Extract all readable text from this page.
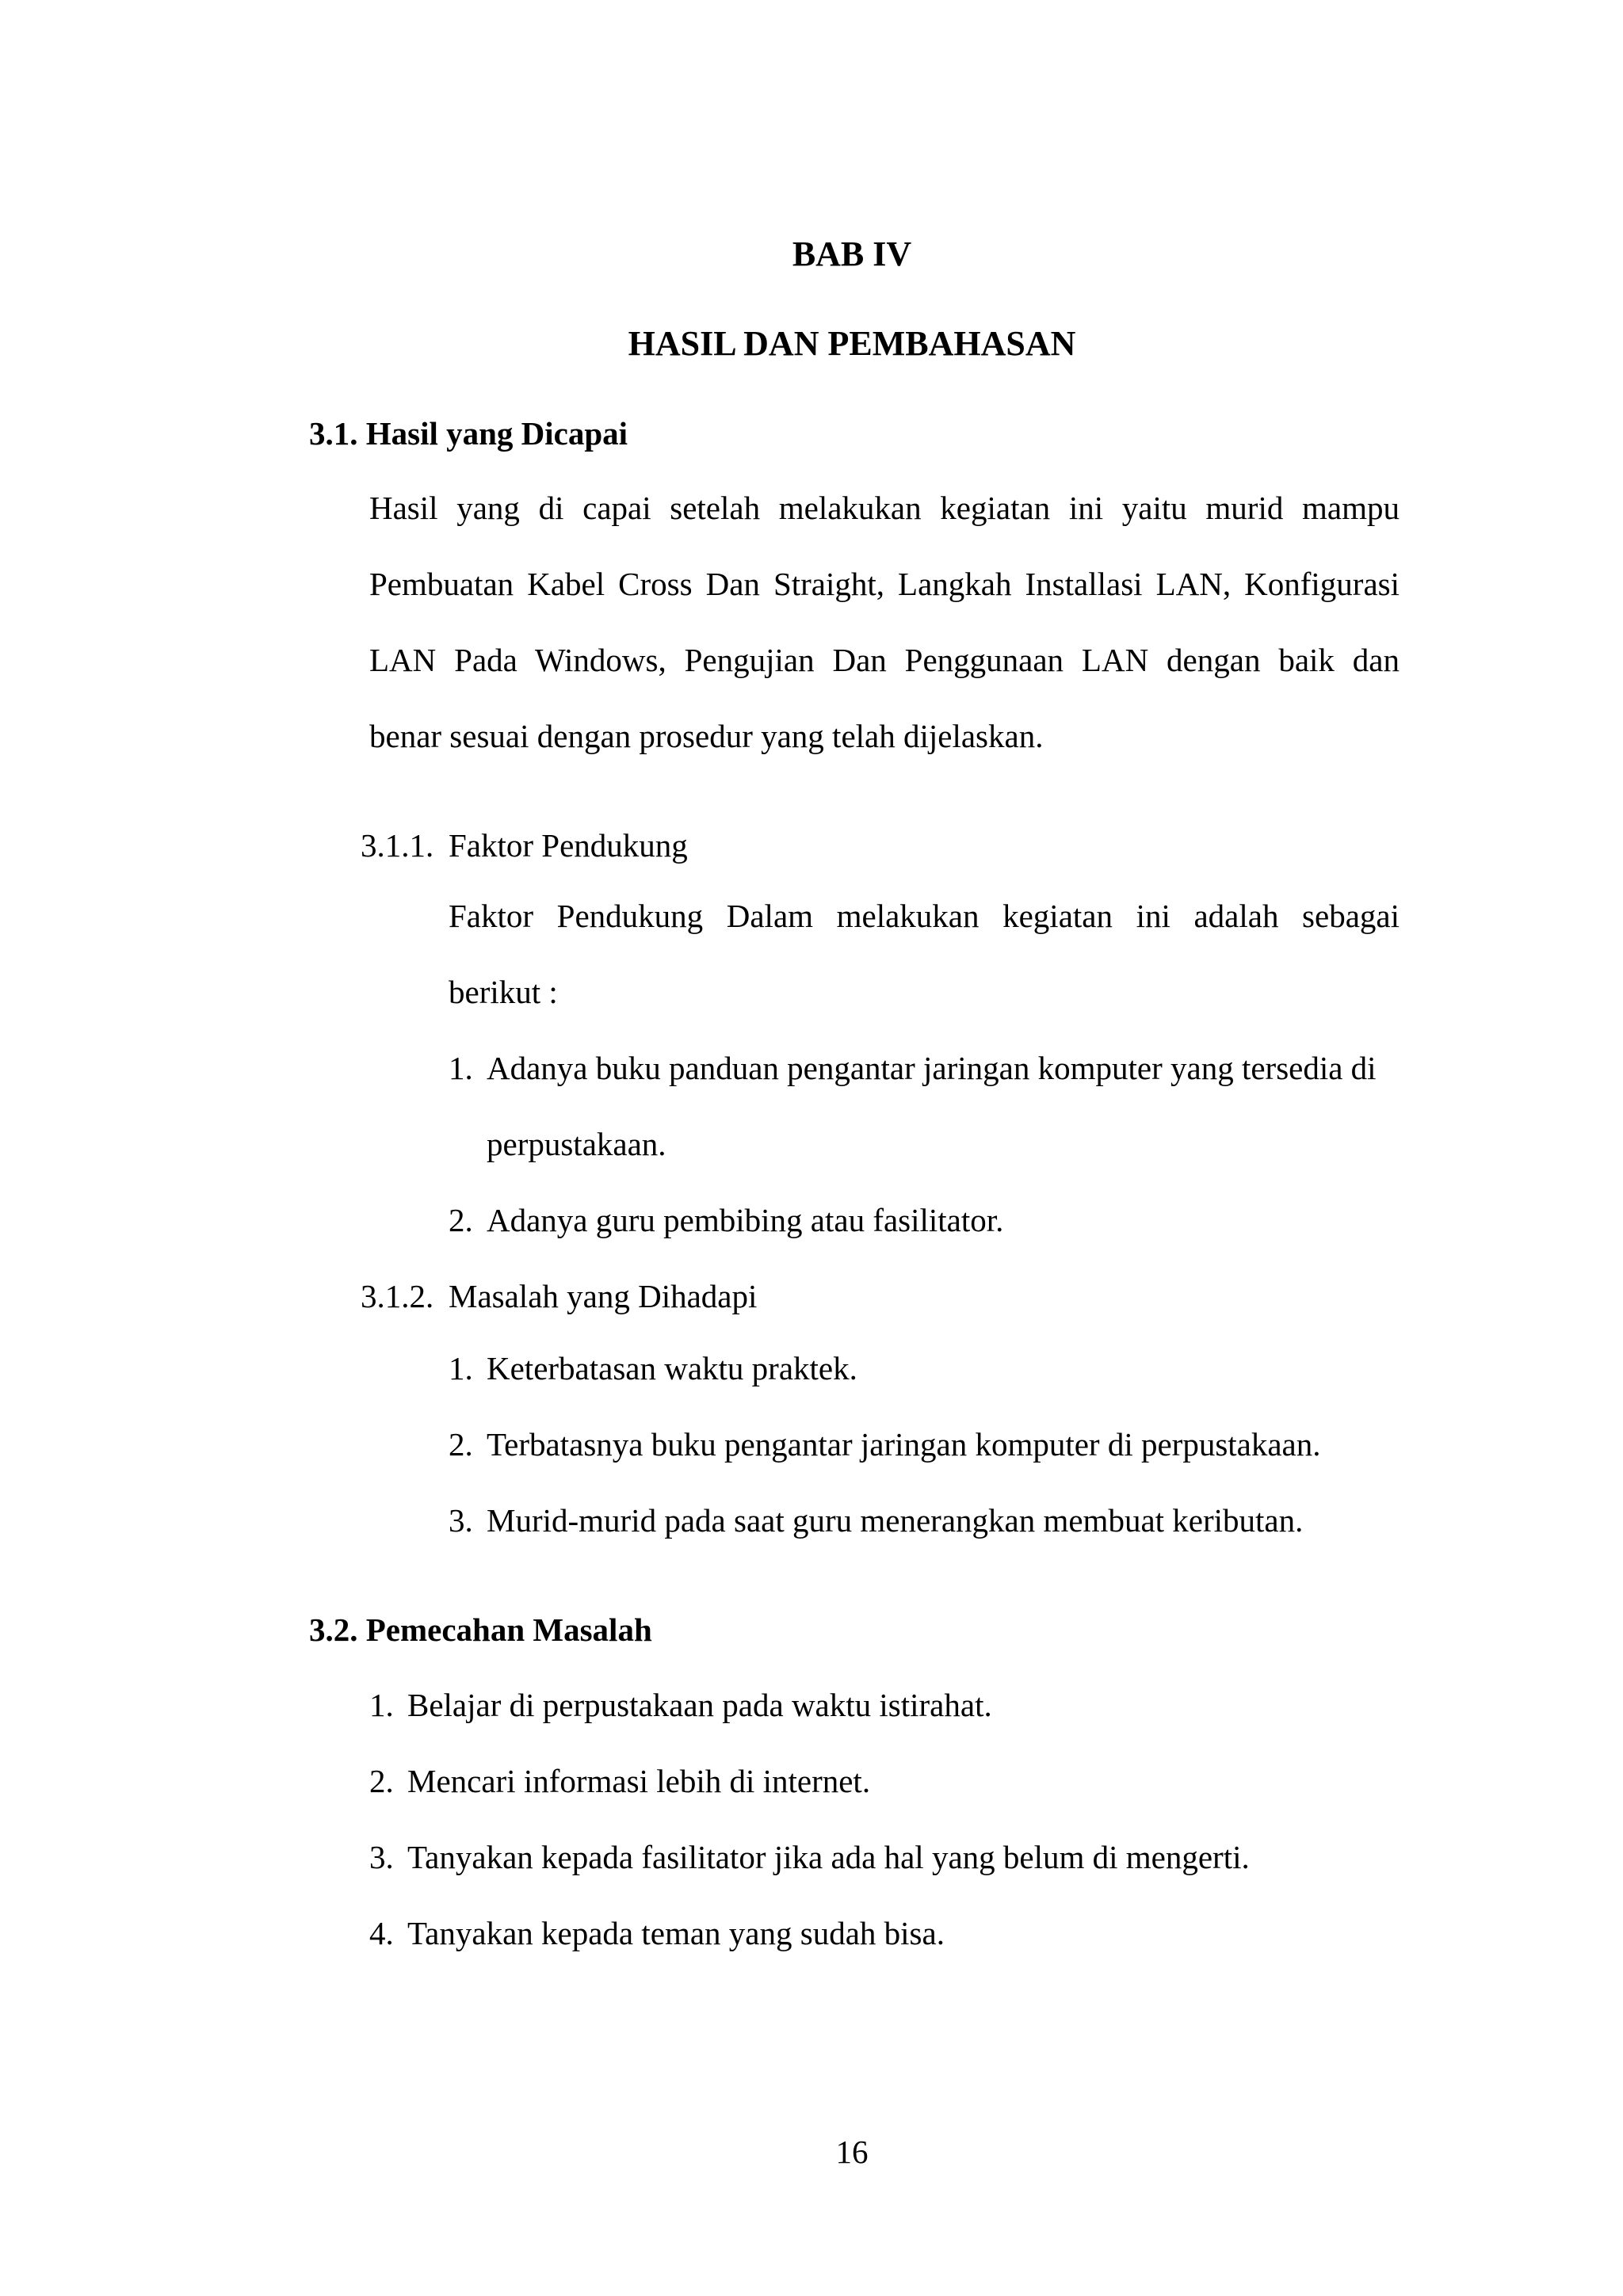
BAB IV
HASIL DAN PEMBAHASAN
3.1. Hasil yang Dicapai
Hasil yang di capai setelah melakukan kegiatan ini yaitu murid mampu
Pembuatan Kabel Cross Dan Straight, Langkah Installasi LAN, Konfigurasi
LAN Pada Windows, Pengujian Dan Penggunaan LAN dengan baik dan
benar sesuai dengan prosedur yang telah dijelaskan.
3.1.1. Faktor Pendukung
Faktor Pendukung Dalam melakukan kegiatan ini adalah sebagai
berikut :
1. Adanya buku panduan pengantar jaringan komputer yang tersedia di
perpustakaan.
2. Adanya guru pembibing atau fasilitator.
3.1.2. Masalah yang Dihadapi
1. Keterbatasan waktu praktek.
2. Terbatasnya buku pengantar jaringan komputer di perpustakaan.
3. Murid-murid pada saat guru menerangkan membuat keributan.
3.2. Pemecahan Masalah
1. Belajar di perpustakaan pada waktu istirahat.
2. Mencari informasi lebih di internet.
3. Tanyakan kepada fasilitator jika ada hal yang belum di mengerti.
4. Tanyakan kepada teman yang sudah bisa.
16
